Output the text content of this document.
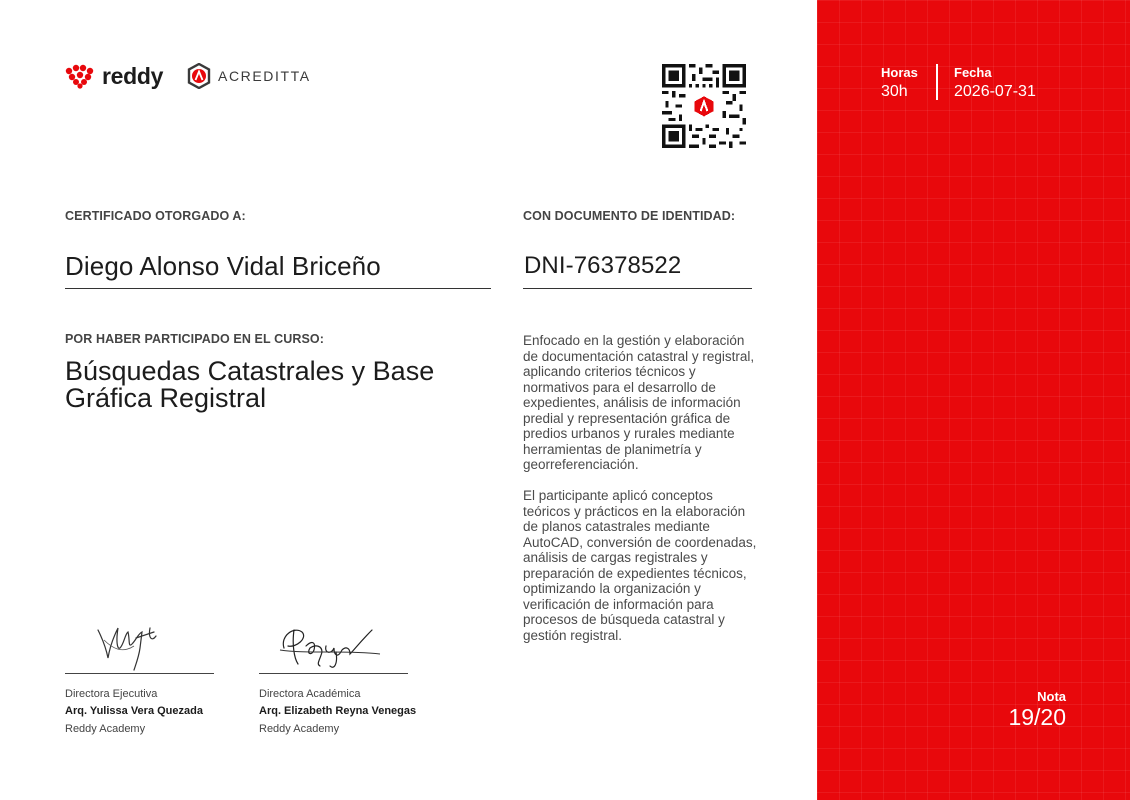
reddy	ACREDITTA
CERTIFICADO OTORGADO A:
Diego Alonso Vidal Briceño
CON DOCUMENTO DE IDENTIDAD:
DNI-76378522
POR HABER PARTICIPADO EN EL CURSO:
Búsquedas Catastrales y Base Gráfica Registral
Enfocado en la gestión y elaboración de documentación catastral y registral, aplicando criterios técnicos y normativos para el desarrollo de expedientes, análisis de información predial y representación gráfica de predios urbanos y rurales mediante herramientas de planimetría y georreferenciación.
El participante aplicó conceptos teóricos y prácticos en la elaboración de planos catastrales mediante AutoCAD, conversión de coordenadas, análisis de cargas registrales y preparación de expedientes técnicos, optimizando la organización y verificación de información para procesos de búsqueda catastral y gestión registral.
Directora Ejecutiva
Arq. Yulissa Vera Quezada
Reddy Academy
Directora Académica
Arq. Elizabeth Reyna Venegas
Reddy Academy
Horas
30h
Fecha
2026-07-31
Nota
19/20
